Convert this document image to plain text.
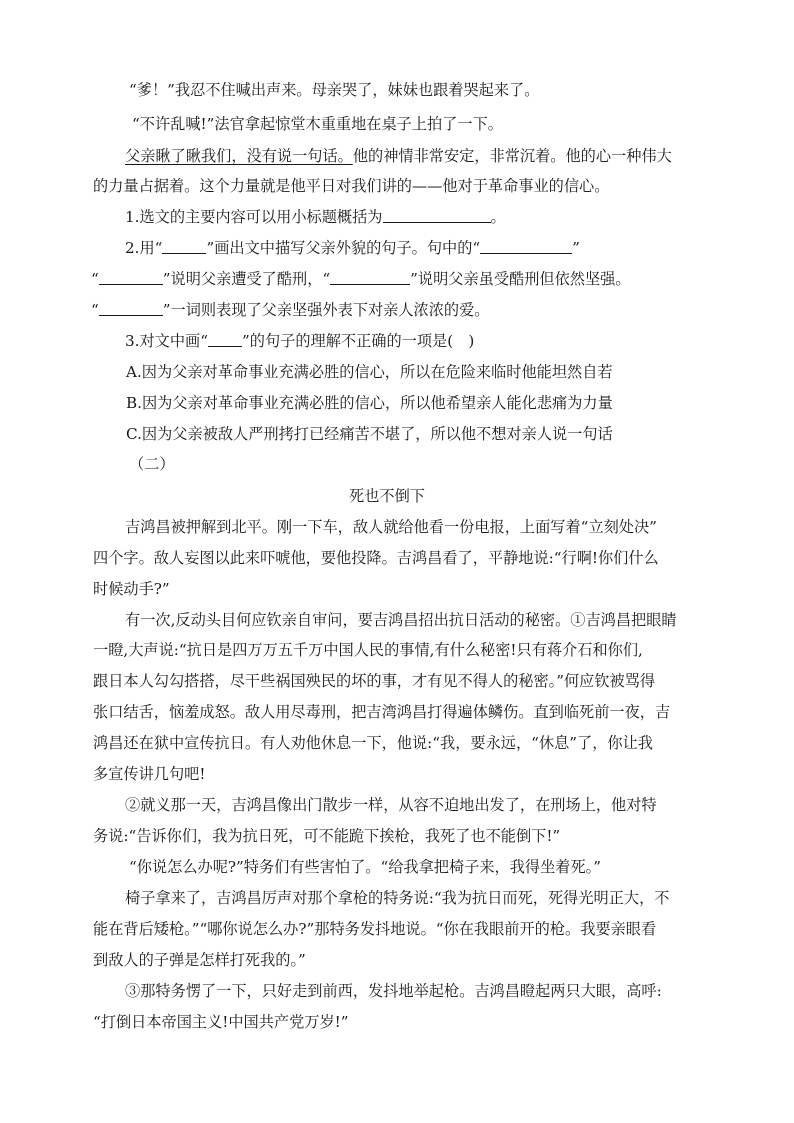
“爹！”我忍不住喊出声来。母亲哭了，妹妹也跟着哭起来了。
“不许乱喊!”法官拿起惊堂木重重地在桌子上拍了一下。
父亲瞅了瞅我们，没有说一句话。他的神情非常安定，非常沉着。他的心一种伟大
的力量占据着。这个力量就是他平日对我们讲的——他对于革命事业的信心。
1.选文的主要内容可以用小标题概括为	。
2.用“	”画出文中描写父亲外貌的句子。句中的“	”
“	”说明父亲遭受了酷刑，“	”说明父亲虽受酷刑但依然坚强。
“	”一词则表现了父亲坚强外表下对亲人浓浓的爱。
3.对文中画“ ”的句子的理解不正确的一项是(　)
A.因为父亲对革命事业充满必胜的信心，所以在危险来临时他能坦然自若
B.因为父亲对革命事业充满必胜的信心，所以他希望亲人能化悲痛为力量
C.因为父亲被敌人严刑拷打已经痛苦不堪了，所以他不想对亲人说一句话
（二）
死也不倒下
吉鸿昌被押解到北平。刚一下车，敌人就给他看一份电报，上面写着“立刻处决”
四个字。敌人妄图以此来吓唬他，要他投降。吉鸿昌看了，平静地说:“行啊!你们什么
时候动手?”
有一次,反动头目何应钦亲自审问，要吉鸿昌招出抗日活动的秘密。①吉鸿昌把眼睛
一瞪,大声说:“抗日是四万万五千万中国人民的事情,有什么秘密!只有蒋介石和你们,
跟日本人勾勾搭搭，尽干些祸国殃民的坏的事，才有见不得人的秘密。”何应钦被骂得
张口结舌，恼羞成怒。敌人用尽毒刑，把吉湾鸿昌打得遍体鳞伤。直到临死前一夜，吉
鸿昌还在狱中宣传抗日。有人劝他休息一下，他说:“我，要永远，“休息”了，你让我
多宣传讲几句吧!
②就义那一天，吉鸿昌像出门散步一样，从容不迫地出发了，在刑场上，他对特
务说:“告诉你们，我为抗日死，可不能跪下挨枪，我死了也不能倒下!”
“你说怎么办呢?”特务们有些害怕了。“给我拿把椅子来，我得坐着死。”
椅子拿来了，吉鸿昌厉声对那个拿枪的特务说:“我为抗日而死，死得光明正大，不
能在背后矮枪。”“哪你说怎么办?”那特务发抖地说。“你在我眼前开的枪。我要亲眼看
到敌人的子弹是怎样打死我的。”
③那特务愣了一下，只好走到前西，发抖地举起枪。吉鸿昌瞪起两只大眼，高呼:
“打倒日本帝国主义!中国共产党万岁!”
